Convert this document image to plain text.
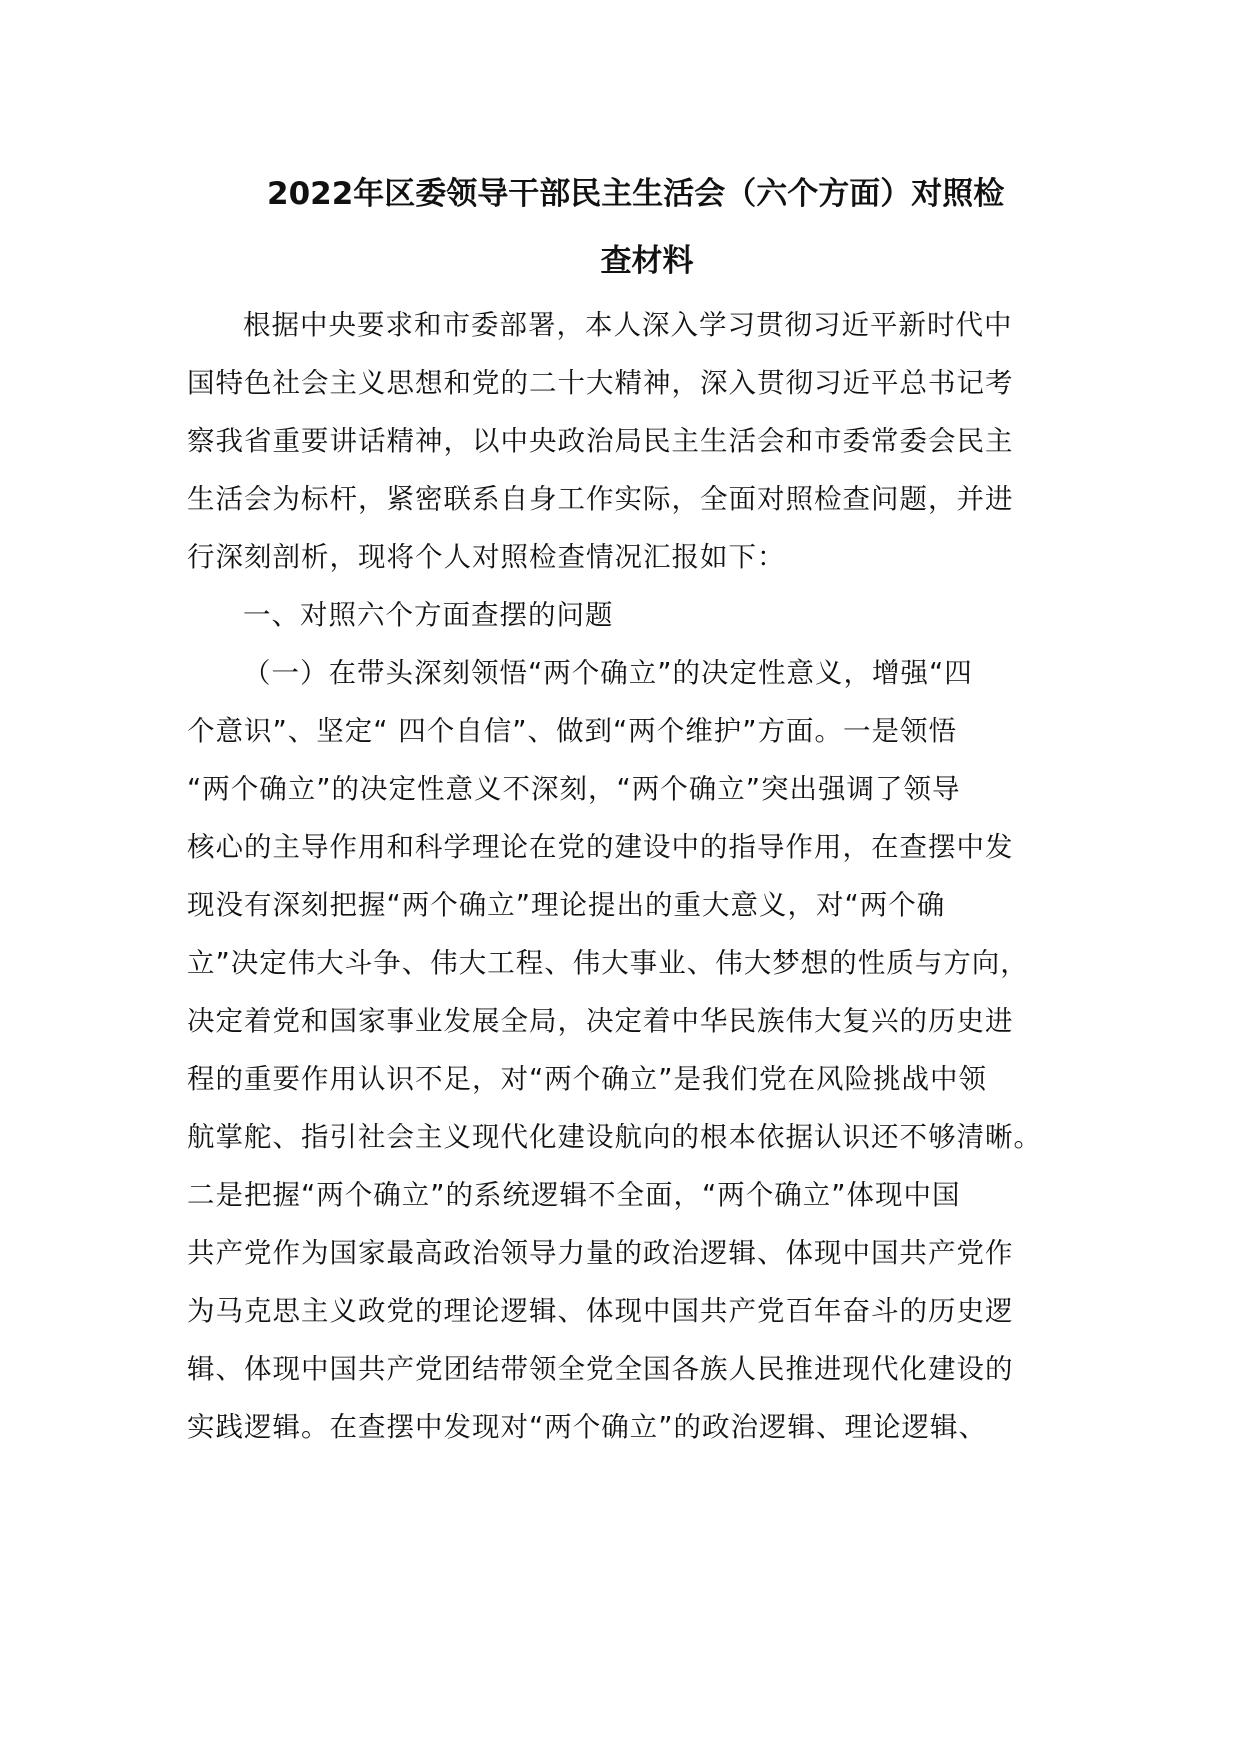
2022年区委领导干部民主生活会（六个方面）对照检
查材料
根据中央要求和市委部署，本人深入学习贯彻习近平新时代中
国特色社会主义思想和党的二十大精神，深入贯彻习近平总书记考
察我省重要讲话精神，以中央政治局民主生活会和市委常委会民主
生活会为标杆，紧密联系自身工作实际，全面对照检查问题，并进
行深刻剖析，现将个人对照检查情况汇报如下：
一、对照六个方面查摆的问题
（一）在带头深刻领悟“两个确立”的决定性意义，增强“四
个意识”、坚定“ 四个自信”、做到“两个维护”方面。一是领悟
“两个确立”的决定性意义不深刻，“两个确立”突出强调了领导
核心的主导作用和科学理论在党的建设中的指导作用，在查摆中发
现没有深刻把握“两个确立”理论提出的重大意义，对“两个确
立”决定伟大斗争、伟大工程、伟大事业、伟大梦想的性质与方向，
决定着党和国家事业发展全局，决定着中华民族伟大复兴的历史进
程的重要作用认识不足，对“两个确立”是我们党在风险挑战中领
航掌舵、指引社会主义现代化建设航向的根本依据认识还不够清晰。
二是把握“两个确立”的系统逻辑不全面，“两个确立”体现中国
共产党作为国家最高政治领导力量的政治逻辑、体现中国共产党作
为马克思主义政党的理论逻辑、体现中国共产党百年奋斗的历史逻
辑、体现中国共产党团结带领全党全国各族人民推进现代化建设的
实践逻辑。在查摆中发现对“两个确立”的政治逻辑、理论逻辑、
